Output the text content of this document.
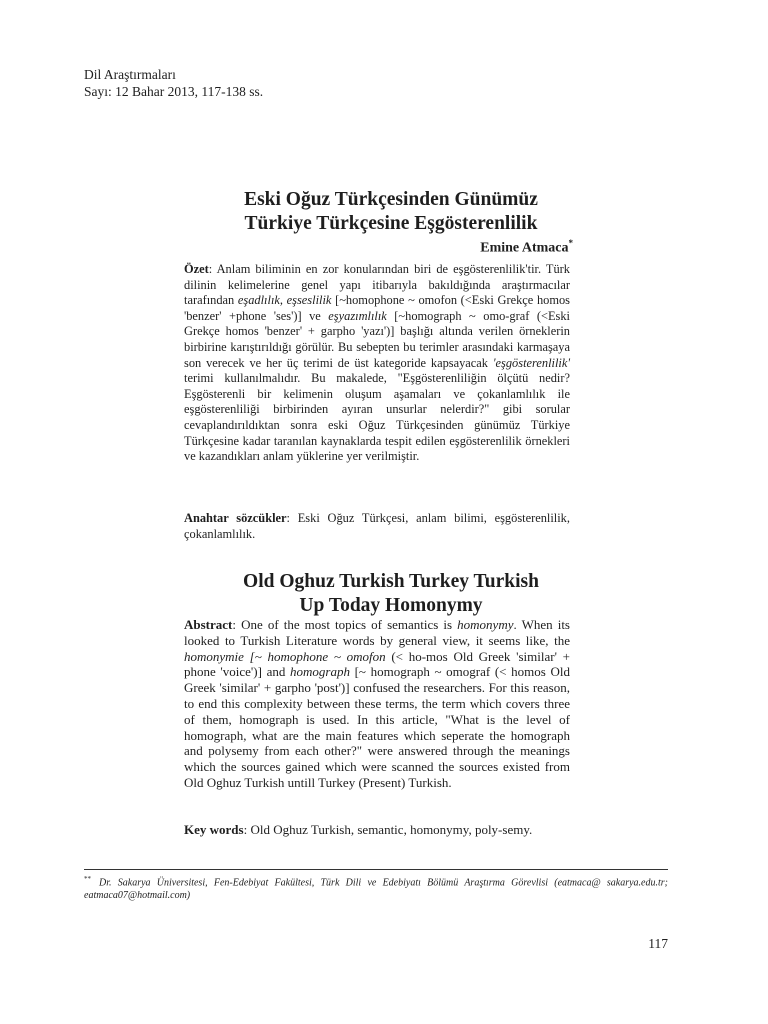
Dil Araştırmaları
Sayı: 12 Bahar 2013, 117-138 ss.
Eski Oğuz Türkçesinden Günümüz
Türkiye Türkçesine Eşgösterenlilik
Emine Atmaca*
Özet: Anlam biliminin en zor konularından biri de eşgösterenlilik'tir. Türk dilinin kelimelerine genel yapı itibarıyla bakıldığında araştırmacılar tarafından eşadlılık, eşseslilik [~homophone ~ omofon (<Eski Grekçe homos 'benzer' +phone 'ses')] ve eşyazımlılık [~homograph ~ omo-graf (<Eski Grekçe homos 'benzer' + garpho 'yazı')] başlığı altında verilen örneklerin birbirine karıştırıldığı görülür. Bu sebepten bu terimler arasındaki karmaşaya son verecek ve her üç terimi de üst kategoride kapsayacak 'eşgösterenlilik' terimi kullanılmalıdır. Bu makalede, "Eşgösterenliliğin ölçütü nedir? Eşgösterenli bir kelimenin oluşum aşamaları ve çokanlamlılık ile eşgösterenliliği birbirinden ayıran unsurlar nelerdir?" gibi sorular cevaplandırıldıktan sonra eski Oğuz Türkçesinden günümüz Türkiye Türkçesine kadar taranılan kaynaklarda tespit edilen eşgösterenlilik örnekleri ve kazandıkları anlam yüklerine yer verilmiştir.
Anahtar sözcükler: Eski Oğuz Türkçesi, anlam bilimi, eşgösterenlilik, çokanlamlılık.
Old Oghuz Turkish Turkey Turkish
Up Today Homonymy
Abstract: One of the most topics of semantics is homonymy. When its looked to Turkish Literature words by general view, it seems like, the homonymie [~ homophone ~ omofon (< ho-mos Old Greek 'similar' + phone 'voice')] and homograph [~ homograph ~ omograf (< homos Old Greek 'similar' + garpho 'post')] confused the researchers. For this reason, to end this complexity between these terms, the term which covers three of them, homograph is used. In this article, "What is the level of homograph, what are the main features which seperate the homograph and polysemy from each other?" were answered through the meanings which the sources gained which were scanned the sources existed from Old Oghuz Turkish untill Turkey (Present) Turkish.
Key words: Old Oghuz Turkish, semantic, homonymy, poly-semy.
** Dr. Sakarya Üniversitesi, Fen-Edebiyat Fakültesi, Türk Dili ve Edebiyatı Bölümü Araştırma Görevlisi (eatmaca@ sakarya.edu.tr; eatmaca07@hotmail.com)
117
